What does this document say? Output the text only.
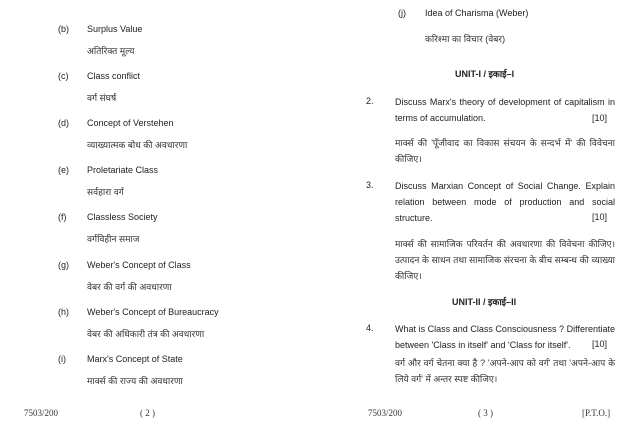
(b) Surplus Value
अतिरिक्त मूल्य
(c) Class conflict
वर्ग संघर्ष
(d) Concept of Verstehen
व्याख्यात्मक बोध की अवधारणा
(e) Proletariate Class
सर्वहारा वर्ग
(f) Classless Society
वर्गविहीन समाज
(g) Weber's Concept of Class
वेबर की वर्ग की अवधारणा
(h) Weber's Concept of Bureaucracy
वेबर की अधिकारी तंत्र की अवधारणा
(i) Marx's Concept of State
मार्क्स की राज्य की अवधारणा
7503/200	( 2 )
(j) Idea of Charisma (Weber)
करिश्मा का विचार (वेबर)
UNIT-I / इकाई–I
2. Discuss Marx's theory of development of capitalism in terms of accumulation.	[10]
मार्क्स की 'पूँजीवाद का विकास संचयन के सन्दर्भ में' की विवेचना कीजिए।
3. Discuss Marxian Concept of Social Change. Explain relation between mode of production and social structure.	[10]
मार्क्स की सामाजिक परिवर्तन की अवधारणा की विवेचना कीजिए। उत्पादन के साधन तथा सामाजिक संरचना के बीच सम्बन्ध की व्याख्या कीजिए।
UNIT-II / इकाई–II
4. What is Class and Class Consciousness ? Differentiate between 'Class in itself' and 'Class for itself'.	[10]
वर्ग और वर्ग चेतना क्या है ? 'अपने-आप को वर्ग' तथा 'अपने-आप के लिये वर्ग' में अन्तर स्पष्ट कीजिए।
7503/200	( 3 )	[P.T.O.]
